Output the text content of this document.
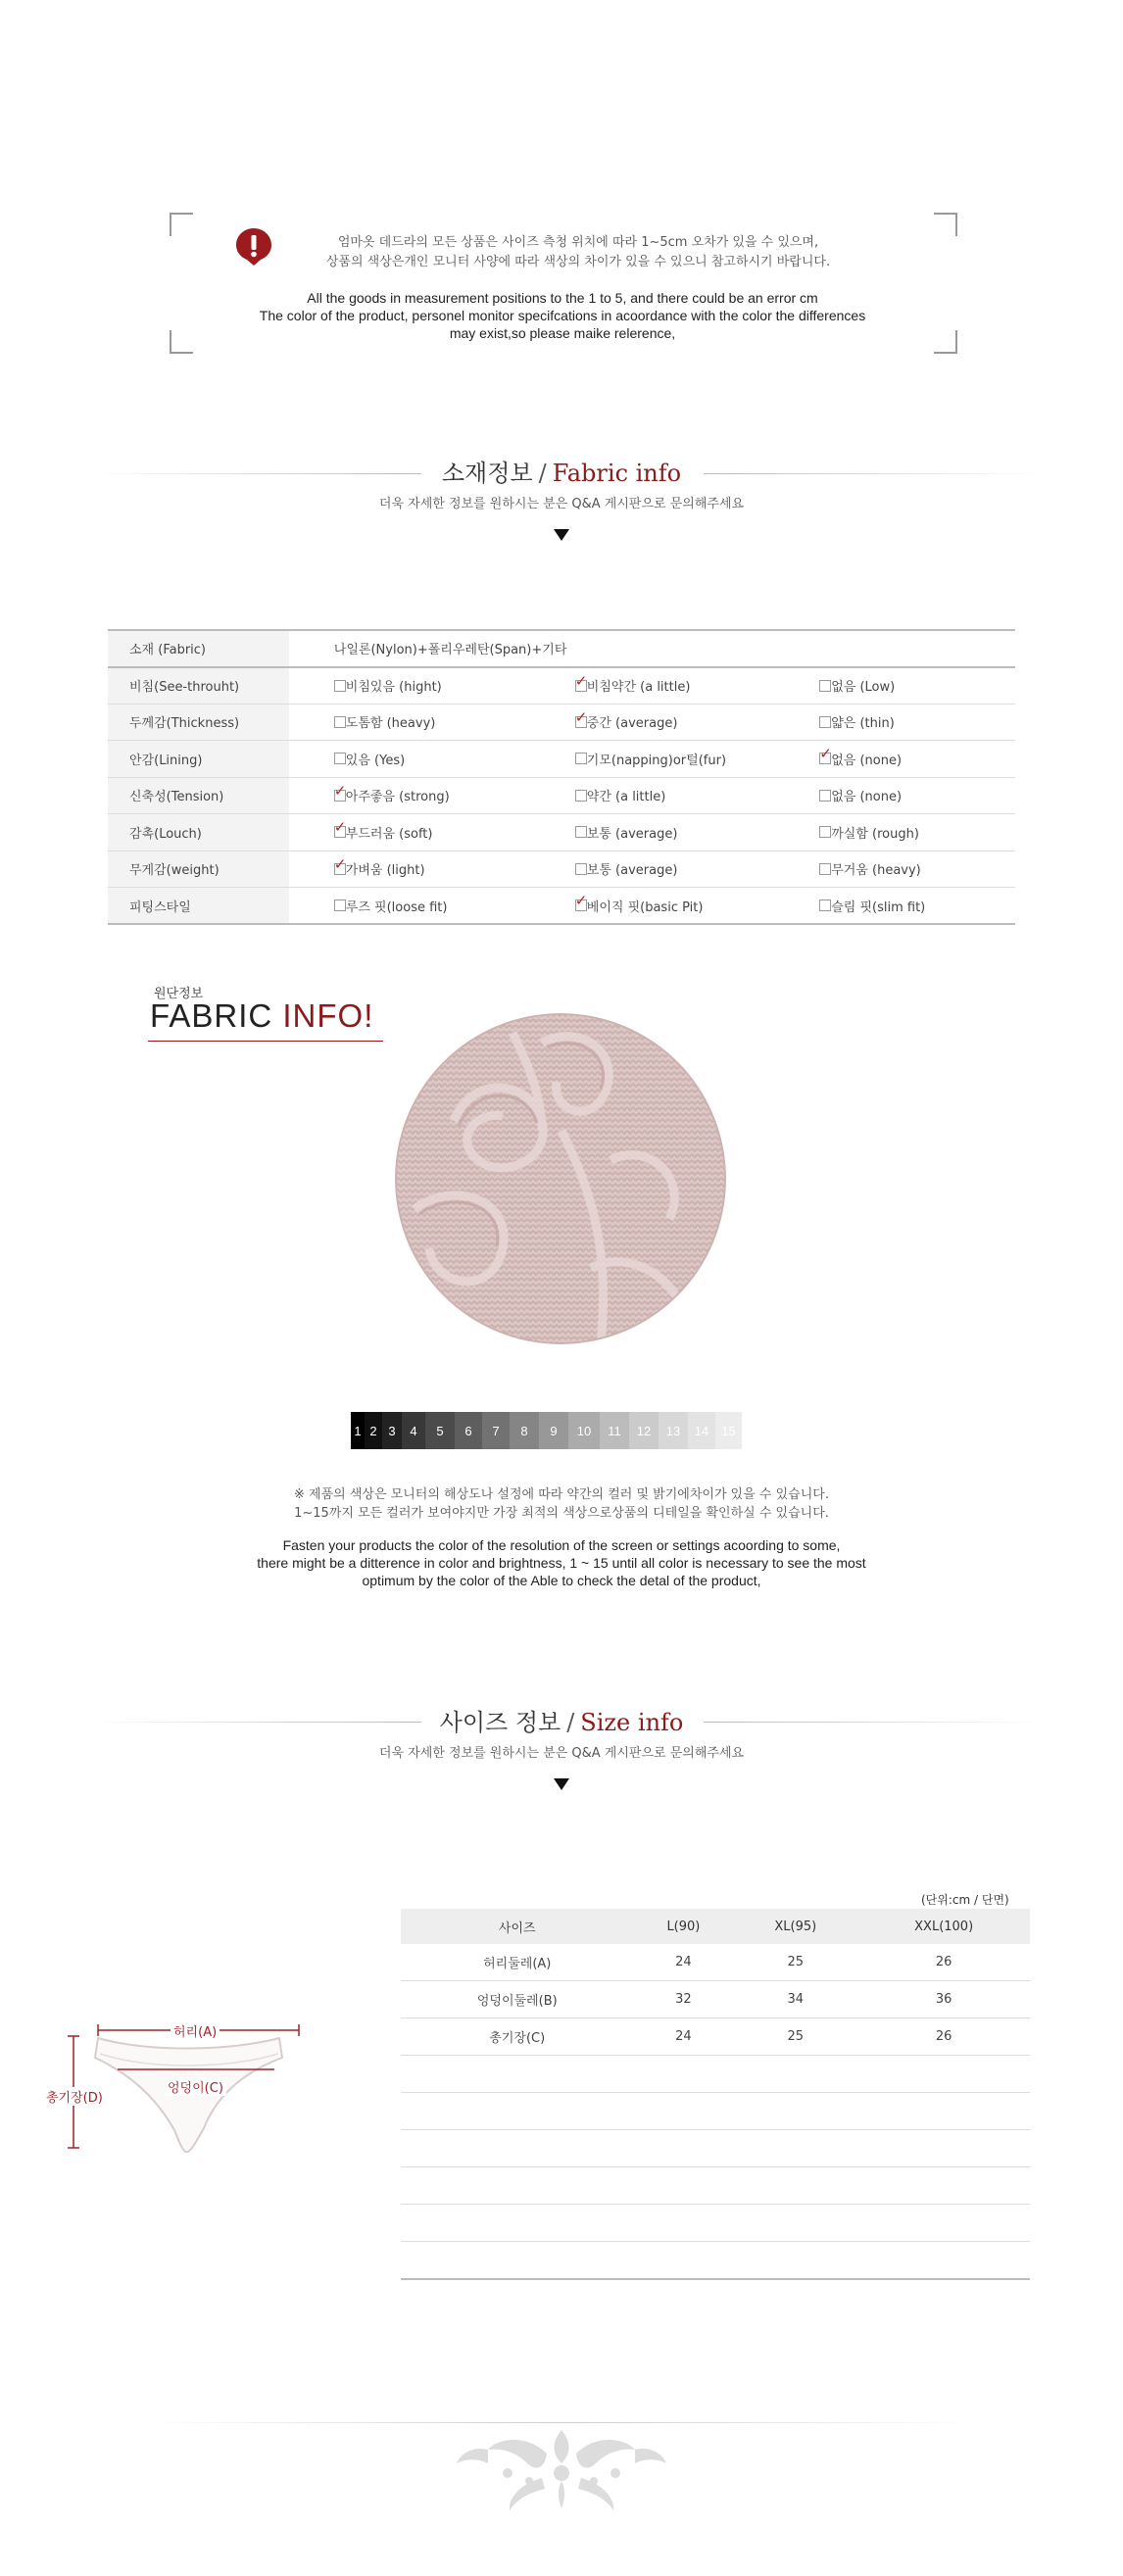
엄마옷 데드라의 모든 상품은 사이즈 측청 위치에 따라 1~5cm 오차가 있을 수 있으며,
상품의 색상은개인 모니터 사양에 따라 색상의 차이가 있을 수 있으니 참고하시기 바랍니다.
All the goods in measurement positions to the 1 to 5, and there could be an error cm
The color of the product, personel monitor specifcations in acoordance with the color the differences
may exist,so please maike relerence,
소재정보 / Fabric info
더욱 자세한 정보를 원하시는 분은 Q&A 게시판으로 문의해주세요
소재 (Fabric)	나일론(Nylon)+폴리우레탄(Span)+기타		
비침(See-throuht)	비침있음 (hight)	✓ 비침약간 (a little)	없음 (Low)
두께감(Thickness)	도톰함 (heavy)	✓ 중간 (average)	얇은 (thin)
안감(Lining)	있음 (Yes)	기모(napping)or털(fur)	✓ 없음 (none)
신축성(Tension)	✓ 아주좋음 (strong)	약간 (a little)	없음 (none)
감촉(Louch)	✓ 부드러움 (soft)	보통 (average)	까실함 (rough)
무게감(weight)	✓ 가벼움 (light)	보통 (average)	무거움 (heavy)
피팅스타일	루즈 핏(loose fit)	✓ 베이직 핏(basic Pit)	슬림 핏(slim fit)
원단정보
FABRIC INFO!
1 2 3	4	5	6	7	8	9	10	11	12	13	14	15
※ 제품의 색상은 모니터의 해상도나 설정에 따라 약간의 컬러 및 밝기에차이가 있을 수 있습니다.
1~15까지 모든 컬러가 보여야지만 가장 최적의 색상으로상품의 디테일을 확인하실 수 있습니다.
Fasten your products the color of the resolution of the screen or settings acoording to some,
there might be a ditterence in color and brightness, 1 ~ 15 until all color is necessary to see the most
optimum by the color of the Able to check the detal of the product,
사이즈 정보 / Size info
더욱 자세한 정보를 원하시는 분은 Q&A 게시판으로 문의해주세요
허리(A)
엉덩이(C)
총기장(D)
(단위:cm / 단면)
사이즈	L(90)	XL(95)	XXL(100)
허리둘레(A)	24	25	26
엉덩이둘레(B)	32	34	36
총기장(C)	24	25	26
